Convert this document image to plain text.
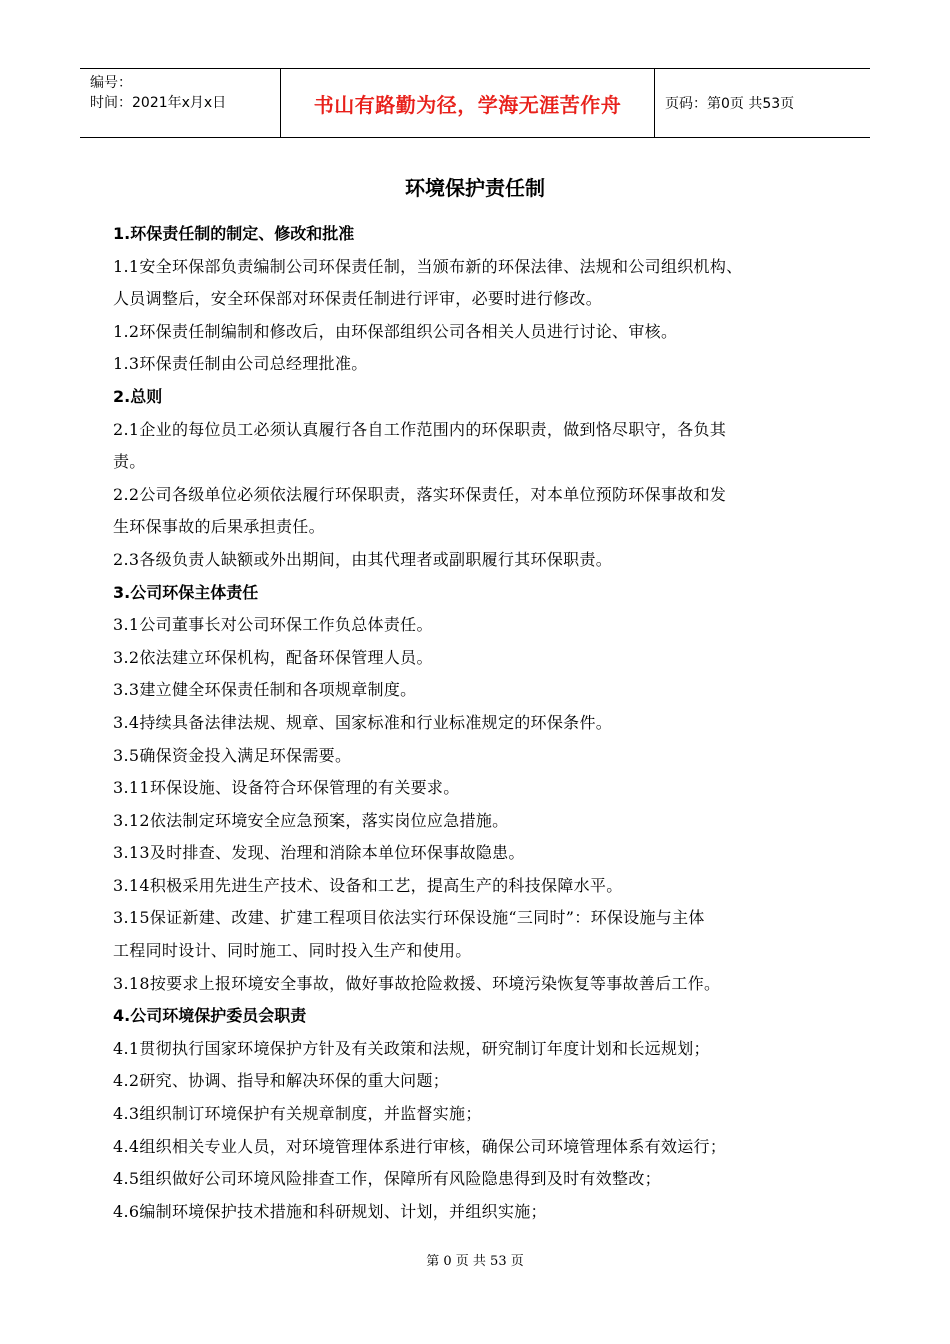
编号：
时间：2021年x月x日	书山有路勤为径，学海无涯苦作舟	页码：第0页 共53页
环境保护责任制
1.环保责任制的制定、修改和批准
1.1安全环保部负责编制公司环保责任制，当颁布新的环保法律、法规和公司组织机构、
人员调整后，安全环保部对环保责任制进行评审，必要时进行修改。
1.2环保责任制编制和修改后，由环保部组织公司各相关人员进行讨论、审核。
1.3环保责任制由公司总经理批准。
2.总则
2.1企业的每位员工必须认真履行各自工作范围内的环保职责，做到恪尽职守，各负其
责。
2.2公司各级单位必须依法履行环保职责，落实环保责任，对本单位预防环保事故和发
生环保事故的后果承担责任。
2.3各级负责人缺额或外出期间，由其代理者或副职履行其环保职责。
3.公司环保主体责任
3.1公司董事长对公司环保工作负总体责任。
3.2依法建立环保机构，配备环保管理人员。
3.3建立健全环保责任制和各项规章制度。
3.4持续具备法律法规、规章、国家标准和行业标准规定的环保条件。
3.5确保资金投入满足环保需要。
3.11环保设施、设备符合环保管理的有关要求。
3.12依法制定环境安全应急预案，落实岗位应急措施。
3.13及时排查、发现、治理和消除本单位环保事故隐患。
3.14积极采用先进生产技术、设备和工艺，提高生产的科技保障水平。
3.15保证新建、改建、扩建工程项目依法实行环保设施“三同时”：环保设施与主体
工程同时设计、同时施工、同时投入生产和使用。
3.18按要求上报环境安全事故，做好事故抢险救援、环境污染恢复等事故善后工作。
4.公司环境保护委员会职责
4.1贯彻执行国家环境保护方针及有关政策和法规，研究制订年度计划和长远规划；
4.2研究、协调、指导和解决环保的重大问题；
4.3组织制订环境保护有关规章制度，并监督实施；
4.4组织相关专业人员，对环境管理体系进行审核，确保公司环境管理体系有效运行；
4.5组织做好公司环境风险排查工作，保障所有风险隐患得到及时有效整改；
4.6编制环境保护技术措施和科研规划、计划，并组织实施；
第 0 页 共 53 页
